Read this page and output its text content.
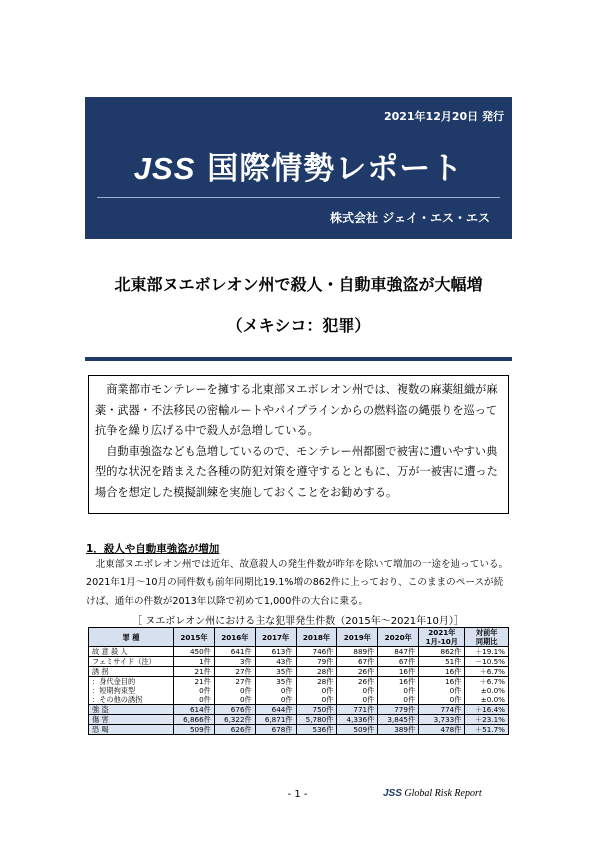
2021年12月20日 発行
JSS 国際情勢レポート
株式会社 ジェイ・エス・エス
北東部ヌエボレオン州で殺人・自動車強盗が大幅増
（メキシコ：犯罪）

商業都市モンテレーを擁する北東部ヌエボレオン州では、複数の麻薬組織が麻薬・武器・不法移民の密輸ルートやパイプラインからの燃料盗の縄張りを巡って抗争を繰り広げる中で殺人が急増している。

自動車強盗なども急増しているので、モンテレー州都圏で被害に遭いやすい典型的な状況を踏まえた各種の防犯対策を遵守するとともに、万が一被害に遭った場合を想定した模擬訓練を実施しておくことをお勧めする。

1．殺人や自動車強盗が増加
北東部ヌエボレオン州では近年、故意殺人の発生件数が昨年を除いて増加の一途を辿っている。2021年1月～10月の同件数も前年同期比19.1%増の862件に上っており、このままのペースが続けば、通年の件数が2013年以降で初めて1,000件の大台に乗る。
［ ヌエボレオン州における主な犯罪発生件数（2015年～2021年10月）］
罪 種	2015年	2016年	2017年	2018年	2019年	2020年	2021年
1月-10月	対前年
同期比
故 意 殺 人	450件	641件	613件	746件	889件	847件	862件	＋19.1%
フェミサイド（注）	1件	3件	43件	79件	67件	67件	51件	－10.5%
誘 拐	21件	27件	35件	28件	26件	16件	16件	＋6.7%
：身代金目的	21件	27件	35件	28件	26件	16件	16件	＋6.7%
：短期拘束型	0件	0件	0件	0件	0件	0件	0件	±0.0%
：その他の誘拐	0件	0件	0件	0件	0件	0件	0件	±0.0%
強 盗	614件	676件	644件	750件	771件	779件	774件	＋16.4%
傷 害	6,866件	6,322件	6,871件	5,780件	4,336件	3,845件	3,733件	＋23.1%
恐 喝	509件	626件	678件	536件	509件	389件	478件	＋51.7%
- 1 -	JSS Global Risk Report
